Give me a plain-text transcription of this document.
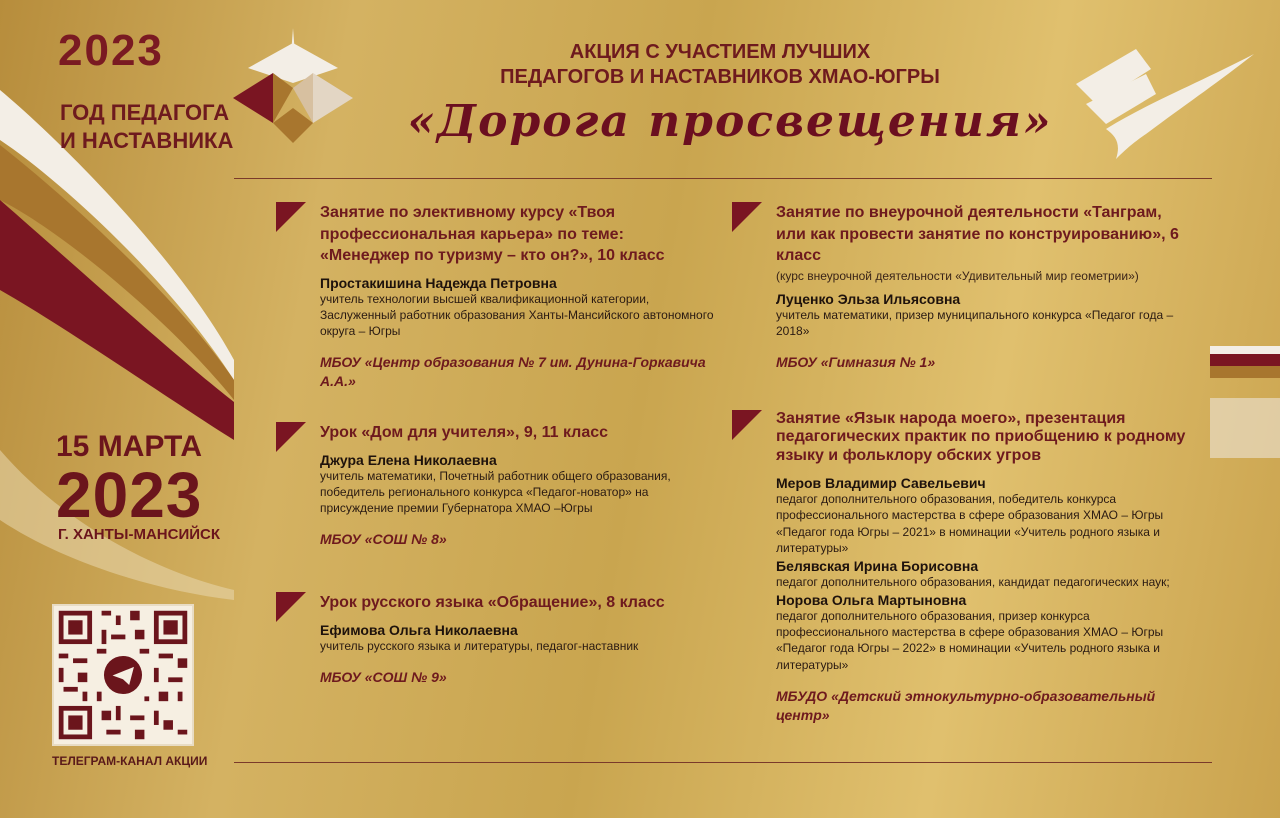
2023
ГОД ПЕДАГОГА
И НАСТАВНИКА
15 МАРТА
2023
Г. ХАНТЫ-МАНСИЙСК
ТЕЛЕГРАМ-КАНАЛ АКЦИИ
АКЦИЯ С УЧАСТИЕМ ЛУЧШИХ
ПЕДАГОГОВ И НАСТАВНИКОВ ХМАО-ЮГРЫ
«Дорога просвещения»
Занятие по элективному курсу «Твоя профессиональная карьера» по теме: «Менеджер по туризму – кто он?», 10 класс
Простакишина Надежда Петровна
учитель технологии высшей квалификационной категории, Заслуженный работник образования Ханты-Мансийского автономного округа – Югры
МБОУ «Центр образования № 7 им. Дунина-Горкавича А.А.»
Урок «Дом для учителя», 9, 11 класс
Джура Елена Николаевна
учитель математики, Почетный работник общего образования, победитель регионального конкурса «Педагог-новатор» на присуждение премии Губернатора ХМАО –Югры
МБОУ «СОШ № 8»
Урок русского языка «Обращение», 8 класс
Ефимова Ольга Николаевна
учитель русского языка и литературы, педагог-наставник
МБОУ «СОШ № 9»
Занятие по внеурочной деятельности «Танграм, или как провести занятие по конструированию», 6 класс
(курс внеурочной деятельности «Удивительный мир геометрии»)
Луценко Эльза Ильясовна
учитель математики, призер муниципального конкурса «Педагог года – 2018»
МБОУ «Гимназия № 1»
Занятие «Язык народа моего», презентация педагогических практик по приобщению к родному языку и фольклору обских угров
Меров Владимир Савельевич
педагог дополнительного образования, победитель конкурса профессионального мастерства в сфере образования ХМАО – Югры «Педагог года Югры – 2021» в номинации «Учитель родного языка и литературы»
Белявская Ирина Борисовна
педагог дополнительного образования, кандидат педагогических наук;
Норова Ольга Мартыновна
педагог дополнительного образования, призер конкурса профессионального мастерства в сфере образования ХМАО – Югры «Педагог года Югры – 2022» в номинации «Учитель родного языка и литературы»
МБУДО «Детский этнокультурно-образовательный центр»
